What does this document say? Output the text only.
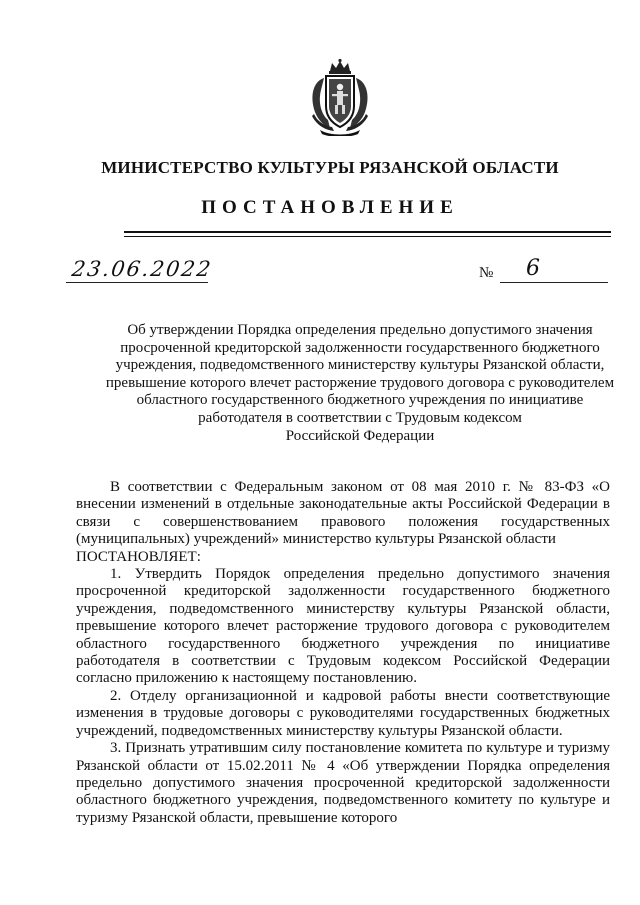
МИНИСТЕРСТВО КУЛЬТУРЫ РЯЗАНСКОЙ ОБЛАСТИ
ПОСТАНОВЛЕНИЕ
23.06.2022	№ 6
Об утверждении Порядка определения предельно допустимого значения
просроченной кредиторской задолженности государственного бюджетного
учреждения, подведомственного министерству культуры Рязанской области,
превышение которого влечет расторжение трудового договора с руководителем
областного государственного бюджетного учреждения по инициативе
работодателя в соответствии с Трудовым кодексом
Российской Федерации

В соответствии с Федеральным законом от 08 мая 2010 г. № 83-ФЗ «О внесении изменений в отдельные законодательные акты Российской Федерации в связи с совершенствованием правового положения государственных (муниципальных) учреждений» министерство культуры Рязанской области

ПОСТАНОВЛЯЕТ:

1. Утвердить Порядок определения предельно допустимого значения просроченной кредиторской задолженности государственного бюджетного учреждения, подведомственного министерству культуры Рязанской области, превышение которого влечет расторжение трудового договора с руководителем областного государственного бюджетного учреждения по инициативе работодателя в соответствии с Трудовым кодексом Российской Федерации согласно приложению к настоящему постановлению.

2. Отделу организационной и кадровой работы внести соответствующие изменения в трудовые договоры с руководителями государственных бюджетных учреждений, подведомственных министерству культуры Рязанской области.

3. Признать утратившим силу постановление комитета по культуре и туризму Рязанской области от 15.02.2011 № 4 «Об утверждении Порядка определения предельно допустимого значения просроченной кредиторской задолженности областного бюджетного учреждения, подведомственного комитету по культуре и туризму Рязанской области, превышение которого
